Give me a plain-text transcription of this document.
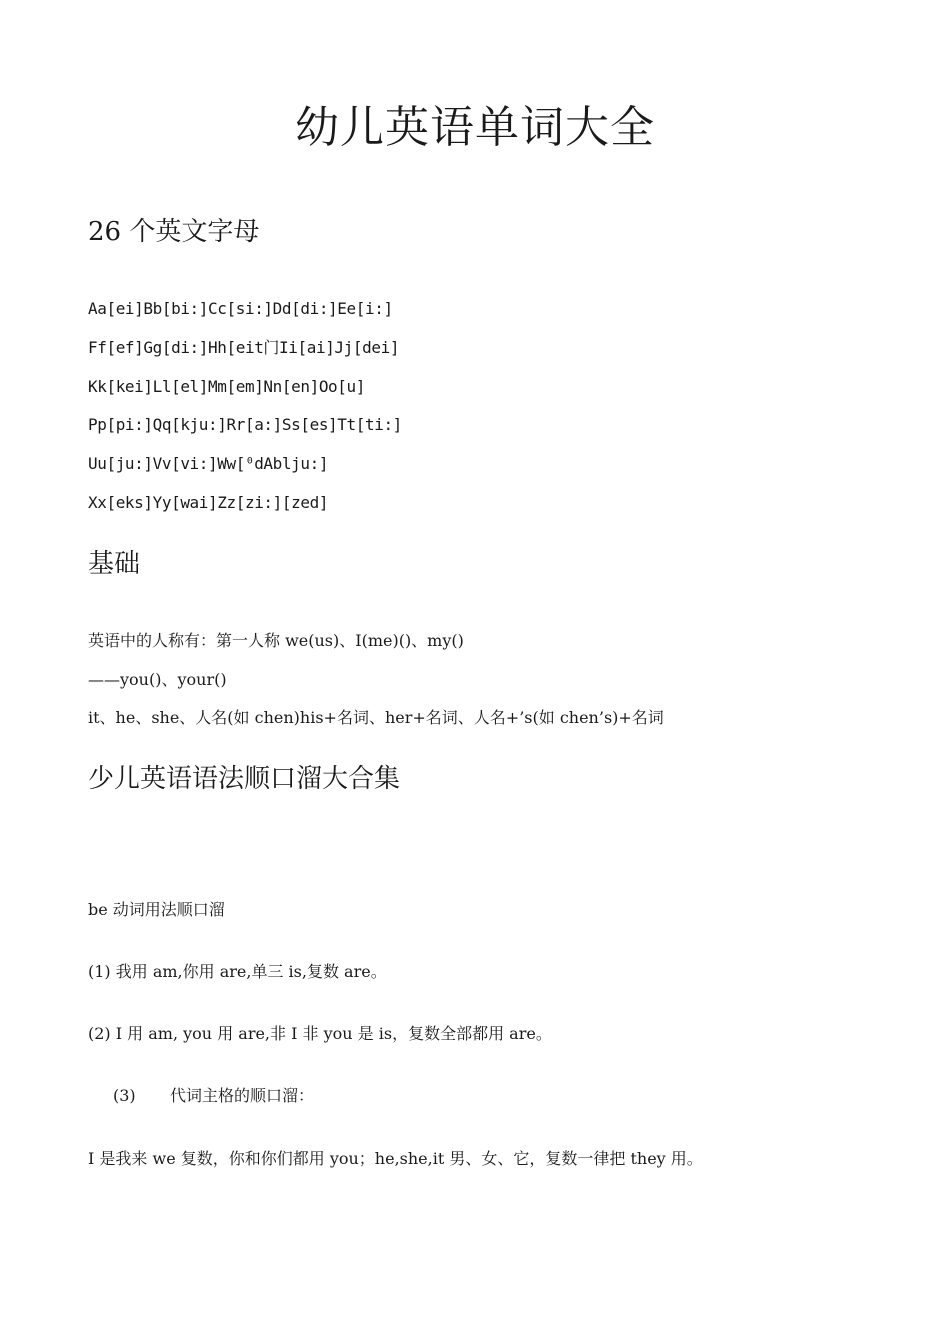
幼儿英语单词大全
26 个英文字母
Aa[ei]Bb[bi:]Cc[si:]Dd[di:]Ee[i:]
Ff[ef]Gg[di:]Hh[eit门Ii[ai]Jj[dei]
Kk[kei]Ll[el]Mm[em]Nn[en]Oo[u]
Pp[pi:]Qq[kju:]Rr[a:]Ss[es]Tt[ti:]
Uu[ju:]Vv[vi:]Ww[⁰dAblju:]
Xx[eks]Yy[wai]Zz[zi:][zed]
基础
英语中的人称有：第一人称 we(us)、I(me)()、my()
——you()、your()
it、he、she、人名(如 chen)his+名词、her+名词、人名+’s(如 chen’s)+名词
少儿英语语法顺口溜大合集
be 动词用法顺口溜
(1) 我用 am,你用 are,单三 is,复数 are。
(2) I 用 am, you 用 are,非 I 非 you 是 is，复数全部都用 are。
(3) 代词主格的顺口溜：
I 是我来 we 复数，你和你们都用 you；he,she,it 男、女、它，复数一律把 they 用。
